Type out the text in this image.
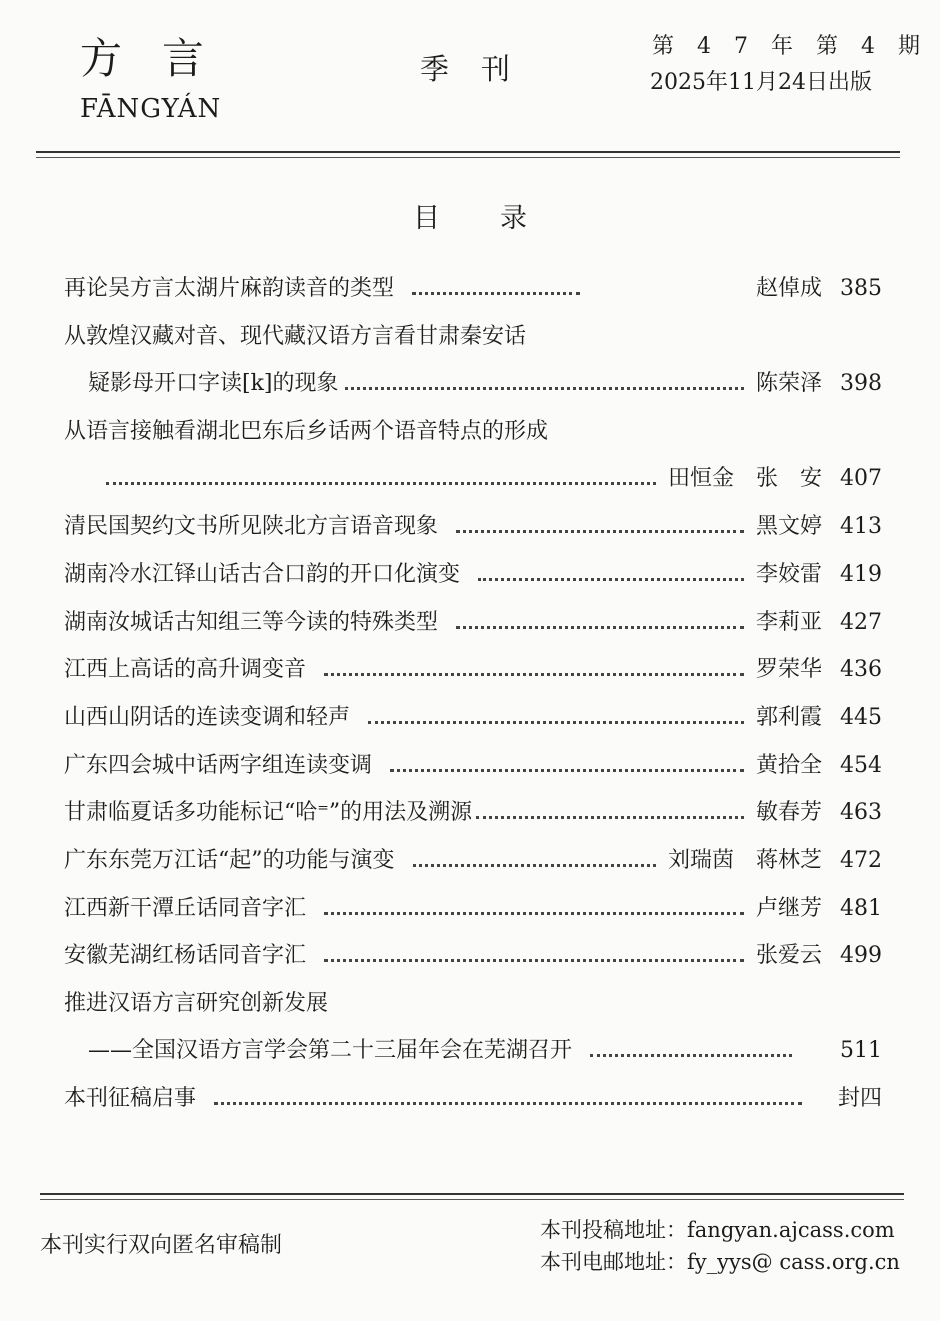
方言
FĀNGYÁN
季刊
第 4 7 年 第 4 期
2025年11月24日出版
目录
再论吴方言太湖片麻韵读音的类型	赵倬成 385
从敦煌汉藏对音、现代藏汉语方言看甘肃秦安话
疑影母开口字读[k]的现象	陈荣泽 398
从语言接触看湖北巴东后乡话两个语音特点的形成
田恒金　张　安 407
清民国契约文书所见陕北方言语音现象	黑文婷 413
湖南冷水江铎山话古合口韵的开口化演变	李姣雷 419
湖南汝城话古知组三等今读的特殊类型	李莉亚 427
江西上高话的高升调变音	罗荣华 436
山西山阴话的连读变调和轻声	郭利霞 445
广东四会城中话两字组连读变调	黄拾全 454
甘肃临夏话多功能标记“哈⁼”的用法及溯源	敏春芳 463
广东东莞万江话“起”的功能与演变	刘瑞茵　蒋林芝 472
江西新干潭丘话同音字汇	卢继芳 481
安徽芜湖红杨话同音字汇	张爱云 499
推进汉语方言研究创新发展
——全国汉语方言学会第二十三届年会在芜湖召开	511
本刊征稿启事	封四
本刊实行双向匿名审稿制
本刊投稿地址：fangyan.ajcass.com
本刊电邮地址：fy_yys@ cass.org.cn
